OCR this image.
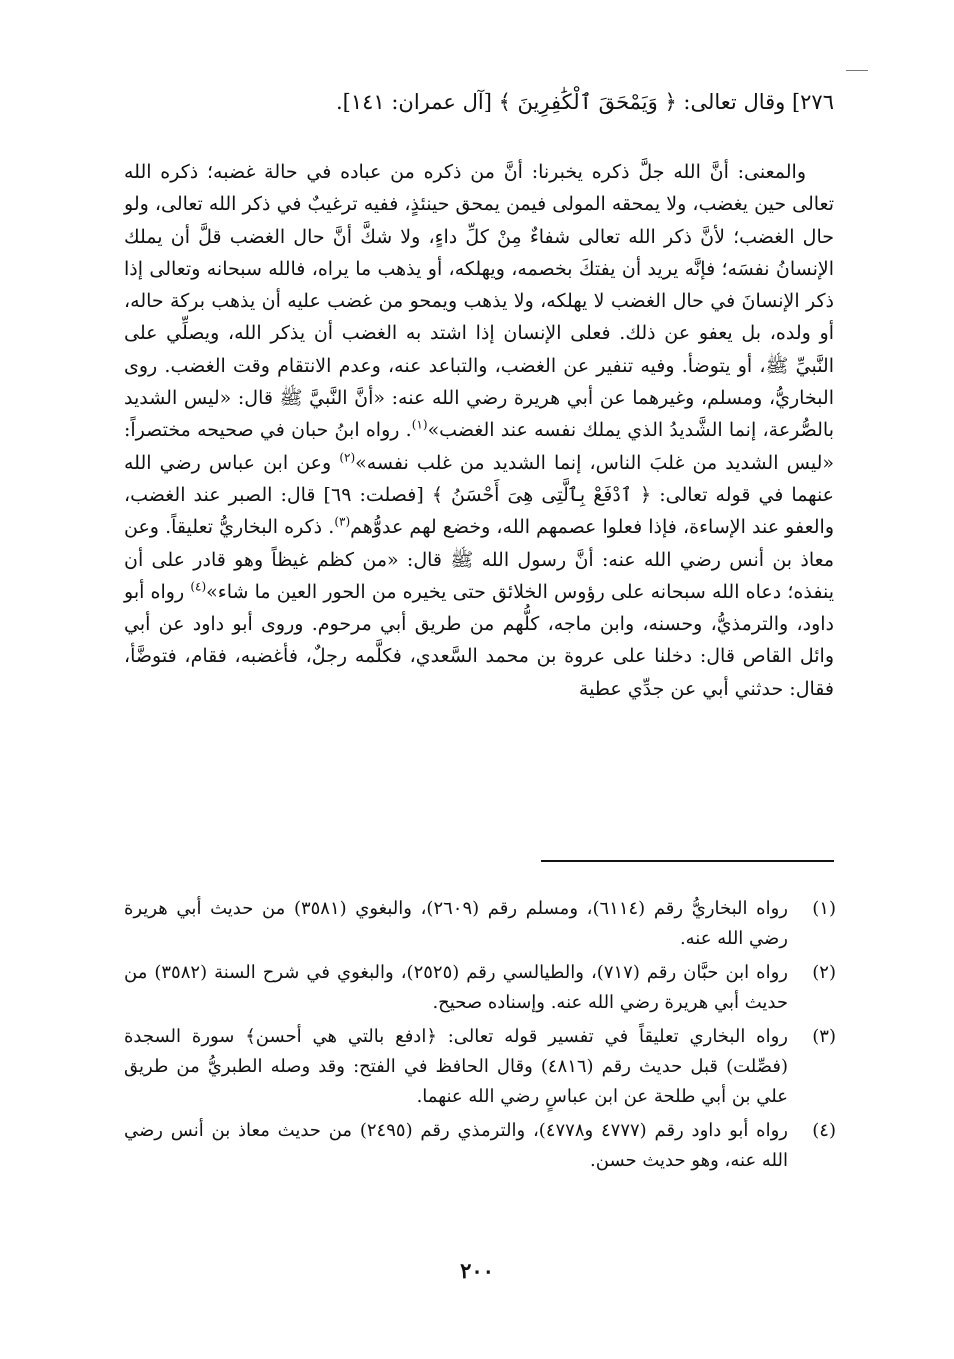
٢٧٦] وقال تعالى: ﴿ وَيَمْحَقَ ٱلْكَٰفِرِينَ ﴾ [آل عمران: ١٤١].
والمعنى: أنَّ الله جلَّ ذكره يخبرنا: أنَّ من ذكره من عباده في حالة غضبه؛ ذكره الله تعالى حين يغضب، ولا يمحقه المولى فيمن يمحق حينئذٍ، ففيه ترغيبٌ في ذكر الله تعالى، ولو حال الغضب؛ لأنَّ ذكر الله تعالى شفاءٌ مِنْ كلِّ داءٍ، ولا شكَّ أنَّ حال الغضب قلَّ أن يملك الإنسانُ نفسَه؛ فإنَّه يريد أن يفتكَ بخصمه، ويهلكه، أو يذهب ما يراه، فالله سبحانه وتعالى إذا ذكر الإنسانَ في حال الغضب لا يهلكه، ولا يذهب ويمحو من غضب عليه أن يذهب بركة حاله، أو ولده، بل يعفو عن ذلك. فعلى الإنسان إذا اشتد به الغضب أن يذكر الله، ويصلِّي على النَّبيِّ ﷺ، أو يتوضأ. وفيه تنفير عن الغضب، والتباعد عنه، وعدم الانتقام وقت الغضب. روى البخاريُّ، ومسلم، وغيرهما عن أبي هريرة رضي الله عنه: «أنَّ النَّبيَّ ﷺ قال: «ليس الشديد بالصُّرعة، إنما الشَّديدُ الذي يملك نفسه عند الغضب»$^{(١)}$. رواه ابنُ حبان في صحيحه مختصراً: «ليس الشديد من غلبَ الناس، إنما الشديد من غلب نفسه»$^{(٢)}$ وعن ابن عباس رضي الله عنهما في قوله تعالى: ﴿ ٱدْفَعْ بِٱلَّتِى هِىَ أَحْسَنُ ﴾ [فصلت: ٦٩] قال: الصبر عند الغضب، والعفو عند الإساءة، فإذا فعلوا عصمهم الله، وخضع لهم عدوُّهم$^{(٣)}$. ذكره البخاريُّ تعليقاً. وعن معاذ بن أنس رضي الله عنه: أنَّ رسول الله ﷺ قال: «من كظم غيظاً وهو قادر على أن ينفذه؛ دعاه الله سبحانه على رؤوس الخلائق حتى يخيره من الحور العين ما شاء»$^{(٤)}$ رواه أبو داود، والترمذيُّ، وحسنه، وابن ماجه، كلُّهم من طريق أبي مرحوم. وروى أبو داود عن أبي وائل القاص قال: دخلنا على عروة بن محمد السَّعدي، فكلَّمه رجلٌ، فأغضبه، فقام، فتوضَّأ، فقال: حدثني أبي عن جدِّي عطية
(١)
رواه البخاريُّ رقم (٦١١٤)، ومسلم رقم (٢٦٠٩)، والبغوي (٣٥٨١) من حديث أبي هريرة رضي الله عنه.
(٢)
رواه ابن حبَّان رقم (٧١٧)، والطيالسي رقم (٢٥٢٥)، والبغوي في شرح السنة (٣٥٨٢) من حديث أبي هريرة رضي الله عنه. وإسناده صحيح.
(٣)
رواه البخاري تعليقاً في تفسير قوله تعالى: ﴿ادفع بالتي هي أحسن﴾ سورة السجدة (فصِّلت) قبل حديث رقم (٤٨١٦) وقال الحافظ في الفتح: وقد وصله الطبريُّ من طريق علي بن أبي طلحة عن ابن عباسٍ رضي الله عنهما.
(٤)
رواه أبو داود رقم (٤٧٧٧ و٤٧٧٨)، والترمذي رقم (٢٤٩٥) من حديث معاذ بن أنس رضي الله عنه، وهو حديث حسن.
٢٠٠
